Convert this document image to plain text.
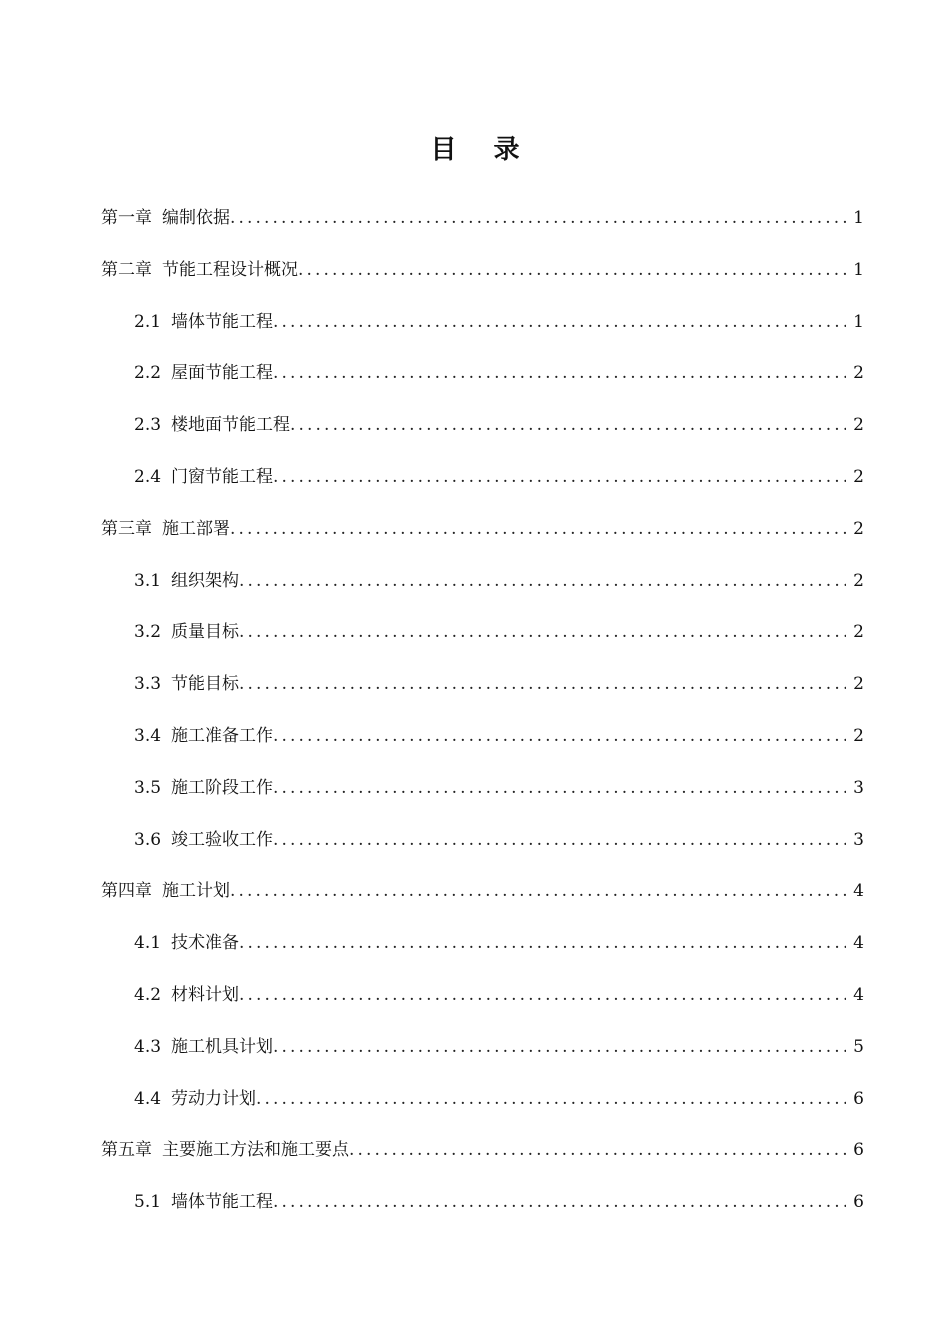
目 录
第一章 编制依据 .....	1
第二章 节能工程设计概况 .....	1
2.1 墙体节能工程 .....	1
2.2 屋面节能工程 .....	2
2.3 楼地面节能工程 .....	2
2.4 门窗节能工程 .....	2
第三章 施工部署 .....	2
3.1 组织架构 .....	2
3.2 质量目标 .....	2
3.3 节能目标 .....	2
3.4 施工准备工作 .....	2
3.5 施工阶段工作 .....	3
3.6 竣工验收工作 .....	3
第四章 施工计划 .....	4
4.1 技术准备 .....	4
4.2 材料计划 .....	4
4.3 施工机具计划 .....	5
4.4 劳动力计划 .....	6
第五章 主要施工方法和施工要点 .....	6
5.1 墙体节能工程 .....	6
